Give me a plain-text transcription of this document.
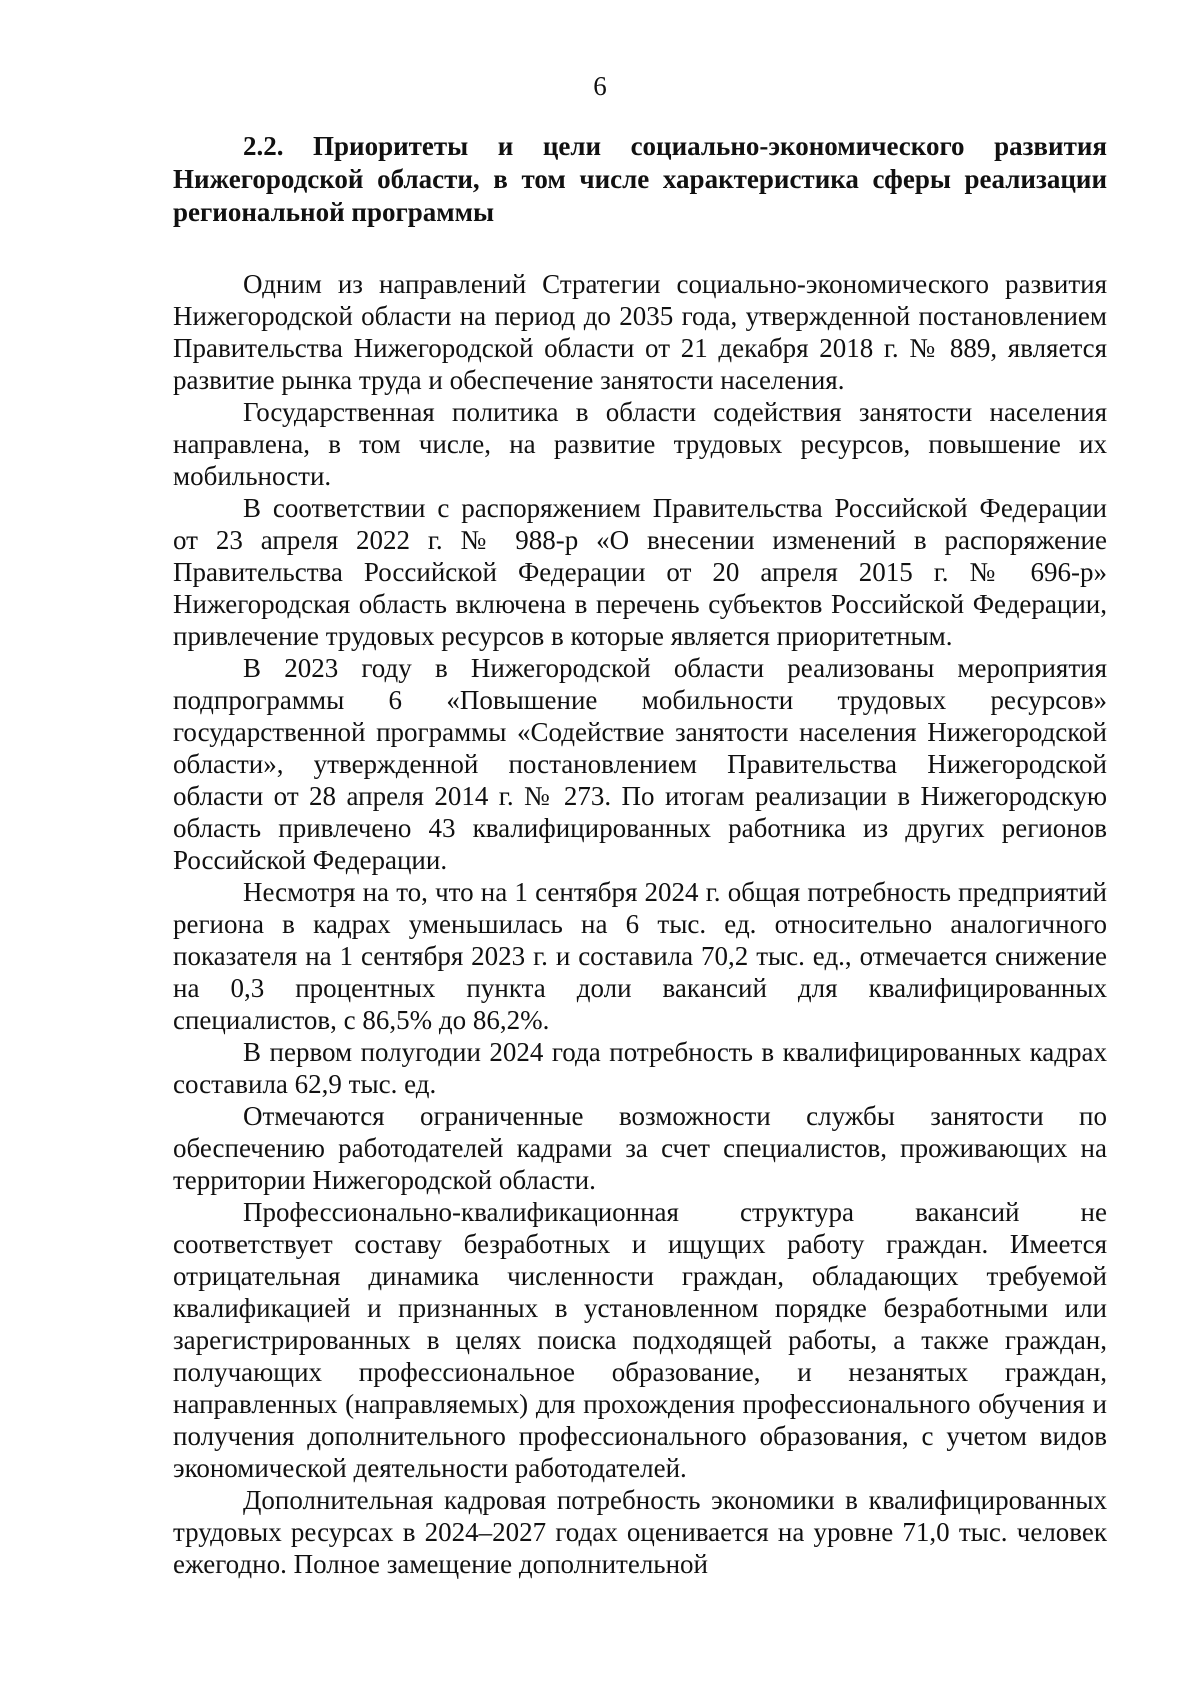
6

2.2. Приоритеты и цели социально-экономического развития Нижегородской области, в том числе характеристика сферы реализации региональной программы

Одним из направлений Стратегии социально-экономического развития Нижегородской области на период до 2035 года, утвержденной постановлением Правительства Нижегородской области от 21 декабря 2018 г. № 889, является развитие рынка труда и обеспечение занятости населения.

Государственная политика в области содействия занятости населения направлена, в том числе, на развитие трудовых ресурсов, повышение их мобильности.

В соответствии с распоряжением Правительства Российской Федерации от 23 апреля 2022 г. № 988-р «О внесении изменений в распоряжение Правительства Российской Федерации от 20 апреля 2015 г. № 696-р» Нижегородская область включена в перечень субъектов Российской Федерации, привлечение трудовых ресурсов в которые является приоритетным.

В 2023 году в Нижегородской области реализованы мероприятия подпрограммы 6 «Повышение мобильности трудовых ресурсов» государственной программы «Содействие занятости населения Нижегородской области», утвержденной постановлением Правительства Нижегородской области от 28 апреля 2014 г. № 273. По итогам реализации в Нижегородскую область привлечено 43 квалифицированных работника из других регионов Российской Федерации.

Несмотря на то, что на 1 сентября 2024 г. общая потребность предприятий региона в кадрах уменьшилась на 6 тыс. ед. относительно аналогичного показателя на 1 сентября 2023 г. и составила 70,2 тыс. ед., отмечается снижение на 0,3 процентных пункта доли вакансий для квалифицированных специалистов, с 86,5% до 86,2%.

В первом полугодии 2024 года потребность в квалифицированных кадрах составила 62,9 тыс. ед.

Отмечаются ограниченные возможности службы занятости по обеспечению работодателей кадрами за счет специалистов, проживающих на территории Нижегородской области.

Профессионально-квалификационная структура вакансий не соответствует составу безработных и ищущих работу граждан. Имеется отрицательная динамика численности граждан, обладающих требуемой квалификацией и признанных в установленном порядке безработными или зарегистрированных в целях поиска подходящей работы, а также граждан, получающих профессиональное образование, и незанятых граждан, направленных (направляемых) для прохождения профессионального обучения и получения дополнительного профессионального образования, с учетом видов экономической деятельности работодателей.

Дополнительная кадровая потребность экономики в квалифицированных трудовых ресурсах в 2024–2027 годах оценивается на уровне 71,0 тыс. человек ежегодно. Полное замещение дополнительной
